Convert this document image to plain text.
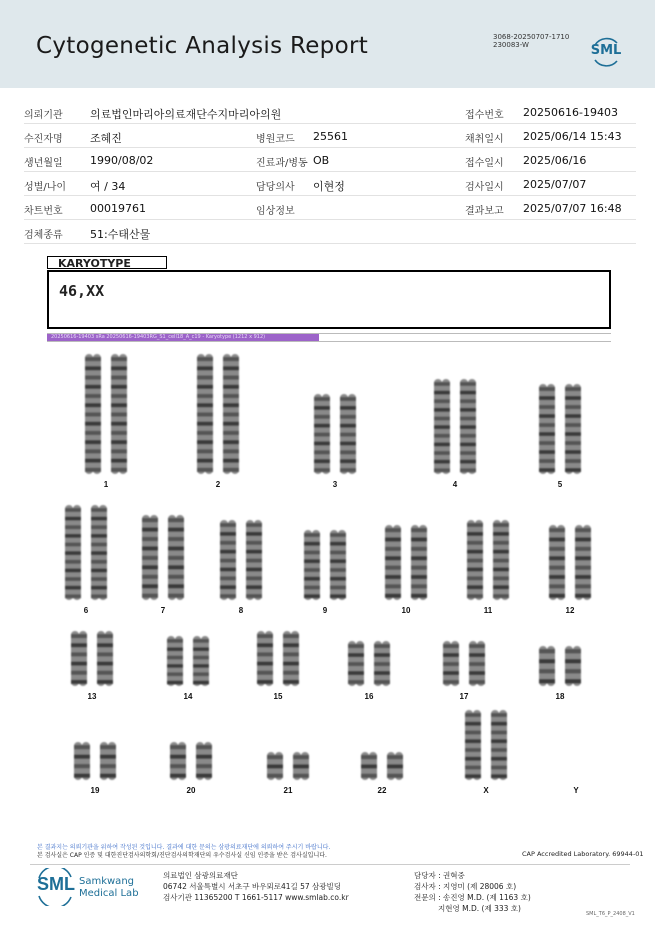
Cytogenetic Analysis Report	3068-20250707-1710
230083-W	SML
의뢰기관 의료법인마리아의료재단수지마리아의원	접수번호 20250616-19403
수진자명 조혜진	병원코드 25561	채취일시 2025/06/14 15:43
생년월일 1990/08/02	진료과/병동 OB	접수일시 2025/06/16
성별/나이 여 / 34	담당의사 이현정	검사일시 2025/07/07
차트번호 00019761	임상정보	결과보고 2025/07/07 16:48
검체종류 51:수태산물
KARYOTYPE
46,XX
20250616-19403 sRa 20250616-19403RG_S1_cell18_A_c19 - Karyotype (1212 x 912)
1	2	3	4	5
6	7	8	9	10	11	12
13	14	15	16	17	18
19	20	21	22	X	Y
본 결과지는 의뢰기관을 위하여 작성된 것입니다. 결과에 대한 문의는 삼광의료재단에 의뢰하여 주시기 바랍니다.
본 검사실은 CAP 인증 및 대한진단검사의학회/진단검사의학재단의 우수검사실 신임 인증을 받은 검사실입니다.	CAP Accredited Laboratory. 69944-01
SML Samkwang
Medical Lab
의료법인 삼광의료재단
06742 서울특별시 서초구 바우뫼로41길 57 삼광빌딩
검사기관 11365200 T 1661-5117 www.smlab.co.kr
담당자 : 권혁중
검사자 : 지영미 (제 28006 호)
전문의 : 송진영 M.D. (제 1163 호)
지현영 M.D. (제 333 호)
SML_T6_P_2408_V1
